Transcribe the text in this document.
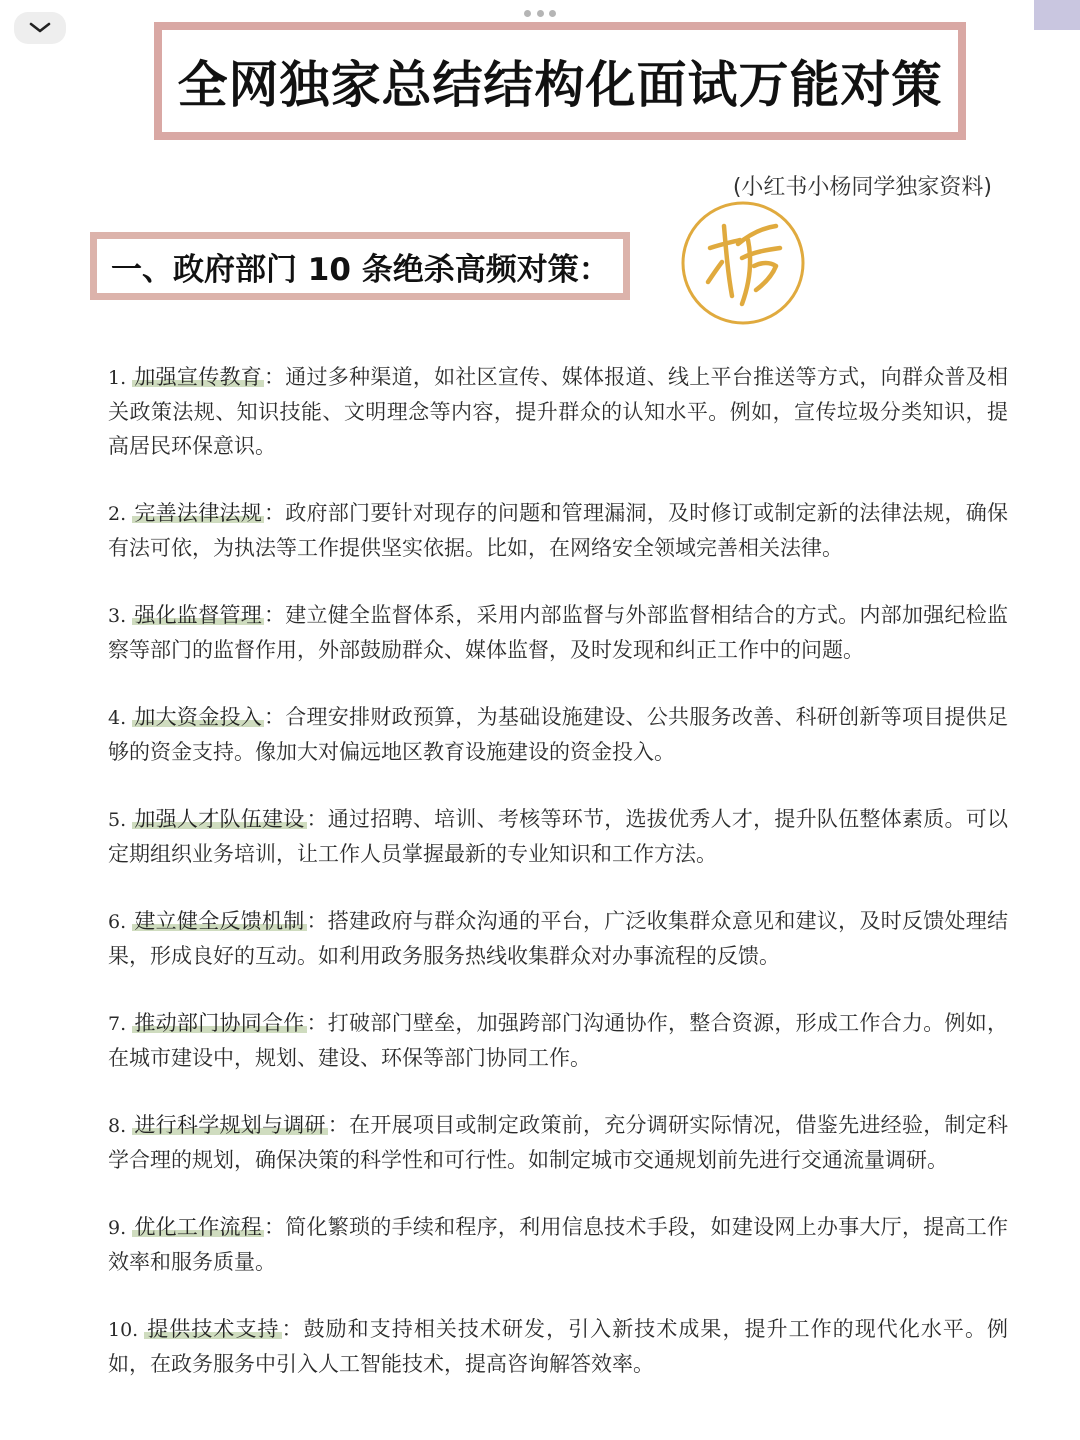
全网独家总结结构化面试万能对策
(小红书小杨同学独家资料)
一、政府部门 10 条绝杀高频对策：
1. 加强宣传教育：通过多种渠道，如社区宣传、媒体报道、线上平台推送等方式，向群众普及相关政策法规、知识技能、文明理念等内容，提升群众的认知水平。例如，宣传垃圾分类知识，提高居民环保意识。
2. 完善法律法规：政府部门要针对现存的问题和管理漏洞，及时修订或制定新的法律法规，确保有法可依，为执法等工作提供坚实依据。比如，在网络安全领域完善相关法律。
3. 强化监督管理：建立健全监督体系，采用内部监督与外部监督相结合的方式。内部加强纪检监察等部门的监督作用，外部鼓励群众、媒体监督，及时发现和纠正工作中的问题。
4. 加大资金投入：合理安排财政预算，为基础设施建设、公共服务改善、科研创新等项目提供足够的资金支持。像加大对偏远地区教育设施建设的资金投入。
5. 加强人才队伍建设：通过招聘、培训、考核等环节，选拔优秀人才，提升队伍整体素质。可以定期组织业务培训，让工作人员掌握最新的专业知识和工作方法。
6. 建立健全反馈机制：搭建政府与群众沟通的平台，广泛收集群众意见和建议，及时反馈处理结果，形成良好的互动。如利用政务服务热线收集群众对办事流程的反馈。
7. 推动部门协同合作：打破部门壁垒，加强跨部门沟通协作，整合资源，形成工作合力。例如，在城市建设中，规划、建设、环保等部门协同工作。
8. 进行科学规划与调研：在开展项目或制定政策前，充分调研实际情况，借鉴先进经验，制定科学合理的规划，确保决策的科学性和可行性。如制定城市交通规划前先进行交通流量调研。
9. 优化工作流程：简化繁琐的手续和程序，利用信息技术手段，如建设网上办事大厅，提高工作效率和服务质量。
10. 提供技术支持：鼓励和支持相关技术研发，引入新技术成果，提升工作的现代化水平。例如，在政务服务中引入人工智能技术，提高咨询解答效率。
